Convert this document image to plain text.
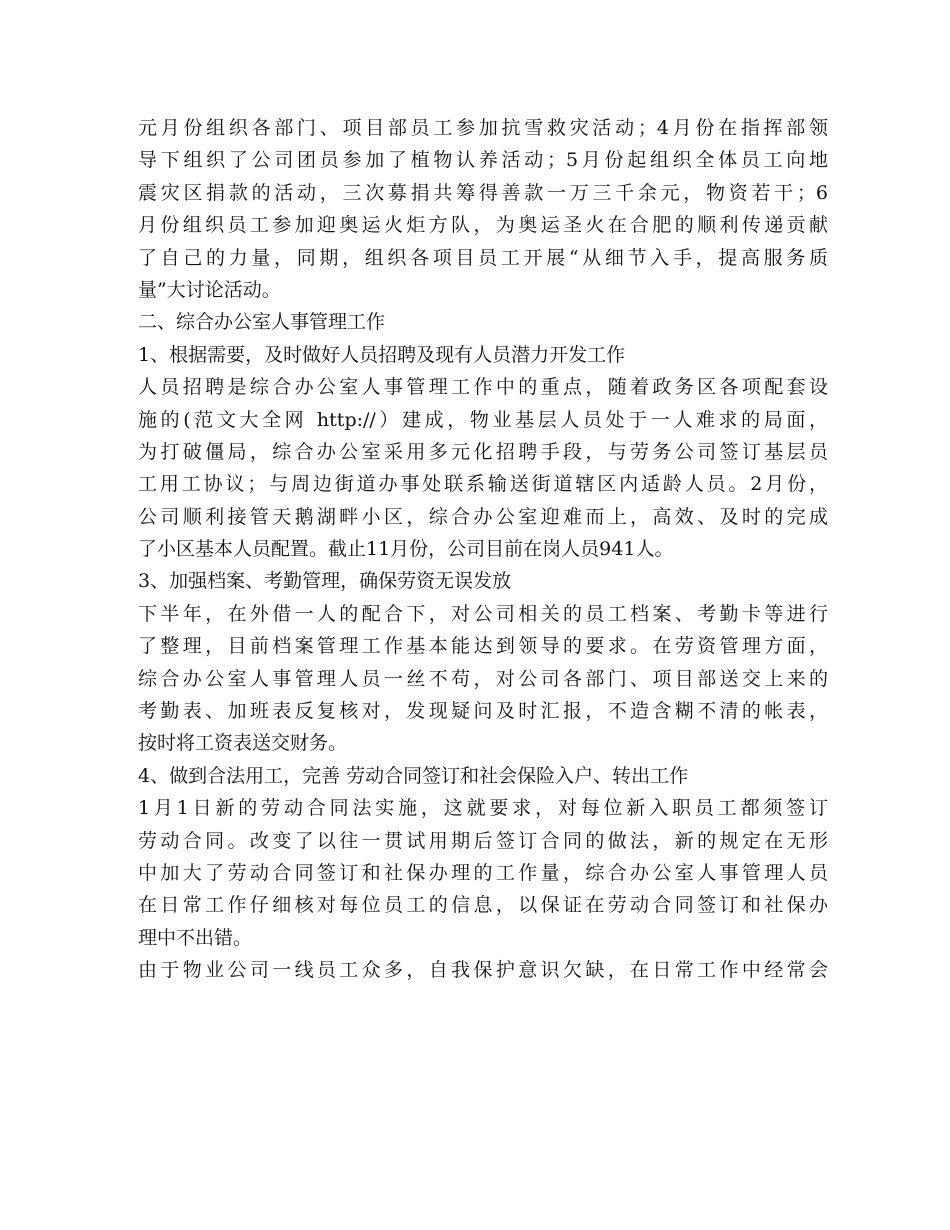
元月份组织各部门、项目部员工参加抗雪救灾活动；4月份在指挥部领
导下组织了公司团员参加了植物认养活动；5月份起组织全体员工向地
震灾区捐款的活动，三次募捐共筹得善款一万三千余元，物资若干；6
月份组织员工参加迎奥运火炬方队，为奥运圣火在合肥的顺利传递贡献
了自己的力量，同期，组织各项目员工开展“从细节入手，提高服务质
量”大讨论活动。
二、综合办公室人事管理工作
1、根据需要，及时做好人员招聘及现有人员潜力开发工作
人员招聘是综合办公室人事管理工作中的重点，随着政务区各项配套设
施的(范文大全网 http://）建成，物业基层人员处于一人难求的局面，
为打破僵局，综合办公室采用多元化招聘手段，与劳务公司签订基层员
工用工协议；与周边街道办事处联系输送街道辖区内适龄人员。2月份，
公司顺利接管天鹅湖畔小区，综合办公室迎难而上，高效、及时的完成
了小区基本人员配置。截止11月份，公司目前在岗人员941人。
3、加强档案、考勤管理，确保劳资无误发放
下半年，在外借一人的配合下，对公司相关的员工档案、考勤卡等进行
了整理，目前档案管理工作基本能达到领导的要求。在劳资管理方面，
综合办公室人事管理人员一丝不苟，对公司各部门、项目部送交上来的
考勤表、加班表反复核对，发现疑问及时汇报，不造含糊不清的帐表，
按时将工资表送交财务。
4、做到合法用工，完善 劳动合同签订和社会保险入户、转出工作
1月1日新的劳动合同法实施，这就要求，对每位新入职员工都须签订
劳动合同。改变了以往一贯试用期后签订合同的做法，新的规定在无形
中加大了劳动合同签订和社保办理的工作量，综合办公室人事管理人员
在日常工作仔细核对每位员工的信息，以保证在劳动合同签订和社保办
理中不出错。
由于物业公司一线员工众多，自我保护意识欠缺，在日常工作中经常会
